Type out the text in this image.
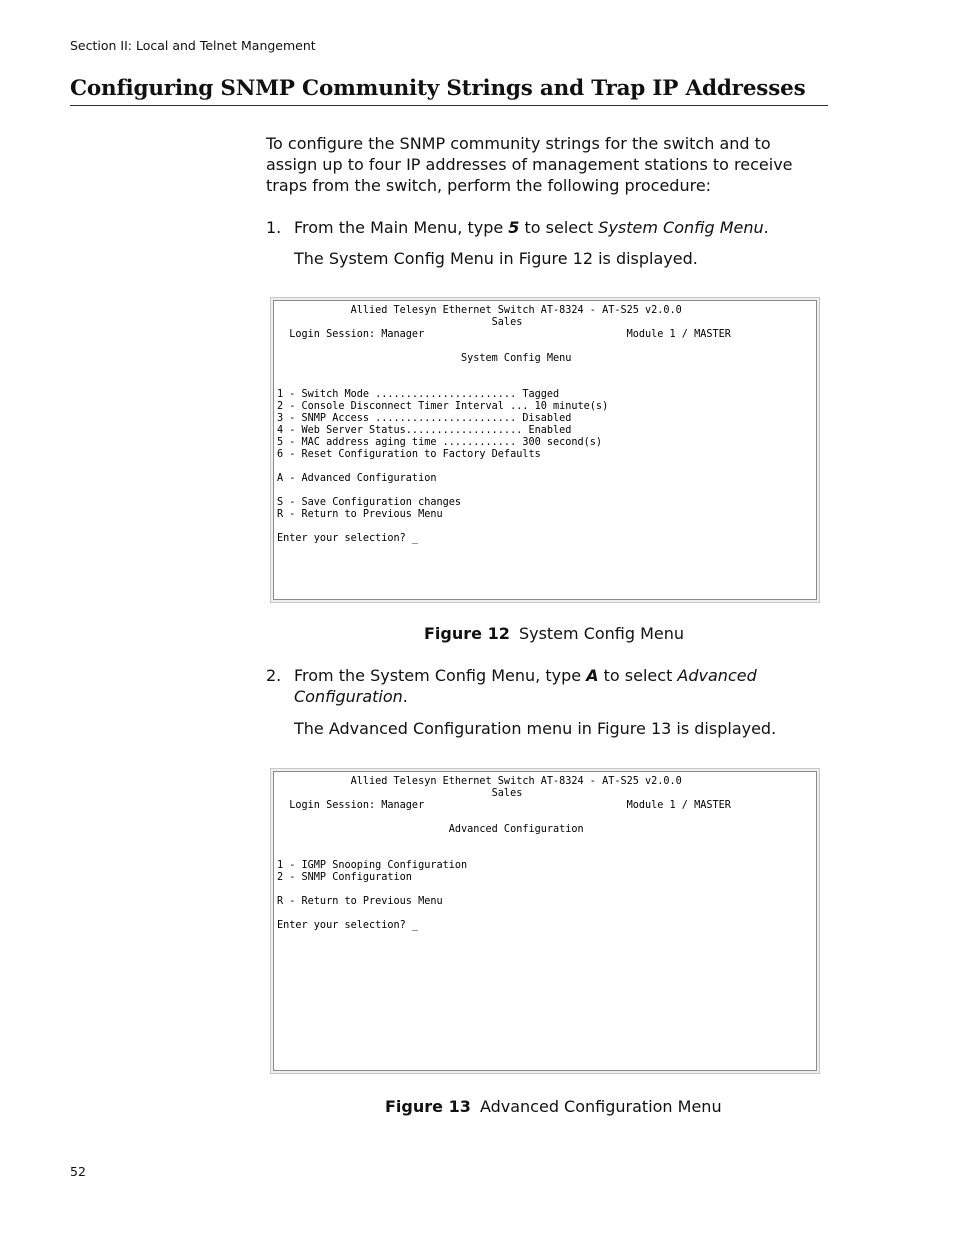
Section II: Local and Telnet Mangement
Configuring SNMP Community Strings and Trap IP Addresses

To configure the SNMP community strings for the switch and to assign up to four IP addresses of management stations to receive traps from the switch, perform the following procedure:

1. From the Main Menu, type 5 to select System Config Menu.
The System Config Menu in Figure 12 is displayed.
Allied Telesyn Ethernet Switch AT-8324 - AT-S25 v2.0.0
Sales
Login Session: Manager                                 Module 1 / MASTER
System Config Menu
1 - Switch Mode ....................... Tagged
2 - Console Disconnect Timer Interval ... 10 minute(s)
3 - SNMP Access ....................... Disabled
4 - Web Server Status................... Enabled
5 - MAC address aging time ............ 300 second(s)
6 - Reset Configuration to Factory Defaults
A - Advanced Configuration
S - Save Configuration changes
R - Return to Previous Menu
Enter your selection? _
Figure 12 System Config Menu
2. From the System Config Menu, type A to select Advanced
Configuration.
The Advanced Configuration menu in Figure 13 is displayed.
Allied Telesyn Ethernet Switch AT-8324 - AT-S25 v2.0.0
Sales
Login Session: Manager                                 Module 1 / MASTER
Advanced Configuration
1 - IGMP Snooping Configuration
2 - SNMP Configuration
R - Return to Previous Menu
Enter your selection? _
Figure 13 Advanced Configuration Menu
52
